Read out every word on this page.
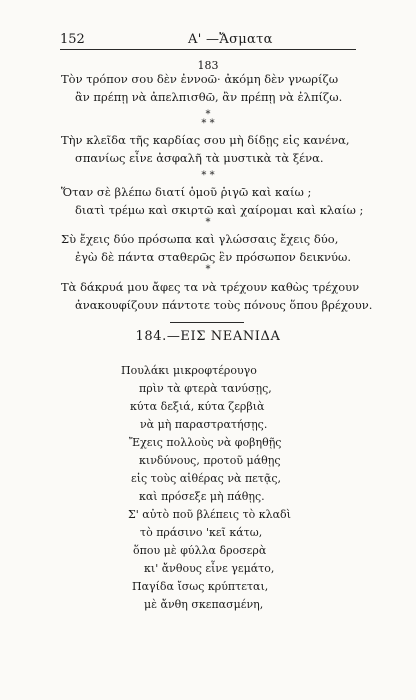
152	Α' —Ἄσματα
183
Τὸν τρόπον σου δὲν ἐννοῶ· ἀκόμη δὲν γνωρίζω
ἂν πρέπῃ νὰ ἀπελπισθῶ, ἂν πρέπῃ νὰ ἐλπίζω.
*
* *
Τὴν κλεῖδα τῆς καρδίας σου μὴ δίδῃς εἰς κανένα,
σπανίως εἶνε ἀσφαλῆ τὰ μυστικὰ τὰ ξένα.
* *
Ὅταν σὲ βλέπω διατί ὁμοῦ ῥιγῶ καὶ καίω ;
διατὶ τρέμω καὶ σκιρτῶ καὶ χαίρομαι καὶ κλαίω ;
*
Σὺ ἔχεις δύο πρόσωπα καὶ γλώσσαις ἔχεις δύο,
ἐγὼ δὲ πάντα σταθερῶς ἓν πρόσωπον δεικνύω.
*
Τὰ δάκρυά μου ἄφες τα νὰ τρέχουν καθὼς τρέχουν
ἀνακουφίζουν πάντοτε τοὺς πόνους ὅπου βρέχουν.
184.—ΕΙΣ ΝΕΑΝΙΔΑ
Πουλάκι μικροφτέρουγο
πρὶν τὰ φτερὰ τανύσῃς,
κύτα δεξιά, κύτα ζερβιὰ
νὰ μὴ παραστρατήσῃς.
Ἔχεις πολλοὺς νὰ φοβηθῇς
κινδύνους, προτοῦ μάθῃς
εἰς τοὺς αἰθέρας νὰ πετᾷς,
καὶ πρόσεξε μὴ πάθῃς.
Σ' αὐτὸ ποῦ βλέπεις τὸ κλαδὶ
τὸ πράσινο 'κεῖ κάτω,
ὅπου μὲ φύλλα δροσερὰ
κι' ἄνθους εἶνε γεμάτο,
Παγίδα ἴσως κρύπτεται,
μὲ ἄνθη σκεπασμένη,
